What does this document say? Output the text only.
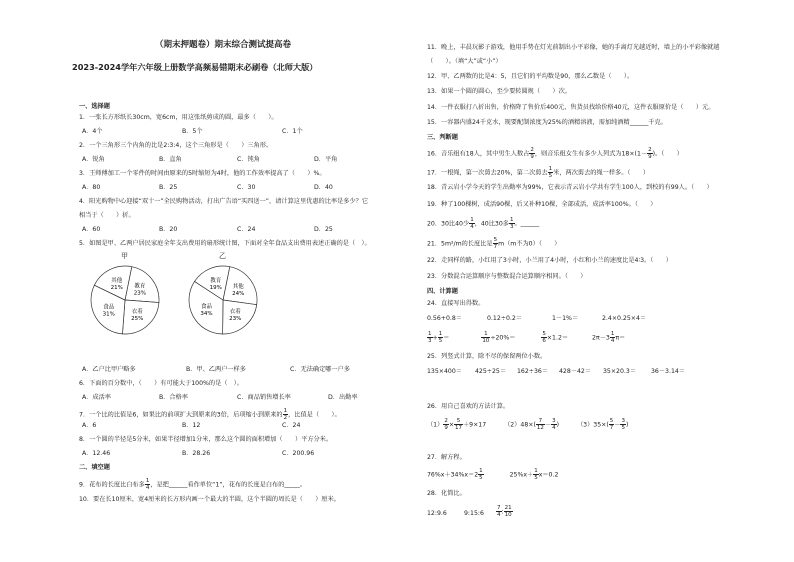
（期末押题卷）期末综合测试提高卷
2023-2024学年六年级上册数学高频易错期末必刷卷（北师大版）
一、选择题
1．一张长方形纸长30cm，宽6cm，用这张纸剪成的圆，最多（　　）。
A．4个	B．5个	C．1个
2．一个三角形三个内角的比是2:3:4，这个三角形是（　　）三角形。
A．锐角	B．直角	C．钝角	D．平角
3．王师傅加工一个零件的时间由原来的5时缩短为4时，他的工作效率提高了（　　）%。
A．80	B．25	C．30	D．40
4．阳光购物中心迎接“双十一”全民购物活动，打出广告语“买四送一”，请计算这里优惠的比率是多少？它
相当于（　　）折。
A．60	B．20	C．24	D．25
5．如图是甲、乙两户居民家庭全年支出费用的扇形统计图，下面对全年食品支出费用表述正确的是（　）。
甲
教育
23%
衣着
25%
食品
31%
其他
21%
乙
其他
24%
衣着
23%
食品
34%
教育
19%
A．乙户比甲户略多	B．甲、乙两户一样多	C．无法确定哪一户多
6．下面的百分数中，（　　）有可能大于100%的是（　）。
A．成活率	B．合格率	C．商品销售增长率	D．出勤率
7．一个比的比值是6，如果比的前项扩大到原来的3倍，后项缩小到原来的 $\frac{1}{2}$ ，比值是（　　）。
A．6	B．12	C．24
8．一个圆的半径是5分米，如果半径增加1分米，那么这个圆的面积增加（　　）平方分米。
A．12.46	B．28.26	C．200.96
二、填空题
9．花布的长度比白布多 $\frac{1}{4}$ ，是把______看作单位“1”，花布的长度是白布的_____。
10．要在长10厘米，宽4厘米的长方形内画一个最大的半圆，这个半圆的周长是（　　）厘米。
11．晚上，丰晨玩影子游戏，他用手势在灯光前制出小平彩像，她的手离灯光越近时，墙上的小平彩像就越
（　　）。（填“大”或“小”）
12．甲、乙两数的比是4：5，且它们的平均数是90，那么乙数是（　　）。
13．如果一个圆的圆心，至少要转圆规（　　）次。
14．一件衣服打八折出售，价格降了售价后400元，售货员找给价格40元，这件衣服原价是（　　）元。
15．一容器内盛24千克水，现要配制浓度为25%的酒精溶液，需加纯酒精______千克。
三、判断题
16．音乐组有18人，其中男生人数占 $\frac{2}{9}$ ，则音乐组女生有多少人列式为$18\times(1- \frac{2}{9}$ )。（　　）
17．一根绳，第一次剪去20%，第二次剪去 $\frac{1}{5}$ 米，两次剪去的绳一样多。（　　）
18．青云岩小学今天的学生出勤率为99%，它表示青云岩小学共有学生100人，到校的有99人。（　　）
19．种了100棵树，成活90棵，后又补种10棵，全部成活，成活率100%。（　　）
20．30比40少 $\frac{1}{4}$ ，40比30多 $\frac{1}{3}$ 。______
21．5m²/m的长度比是 $\frac{5}{7} m(m$不为0）（　　）
22．走同样的路，小红用了3小时，小兰用了4小时，小红和小兰的速度比是4∶3。（　　）
23．分数混合运算顺序与整数混合运算顺序相同。（　　）
四、计算题
24．直接写出得数。
0.56+0.8＝	0.12÷0.2＝	1－1%＝	2.4×0.25×4＝
$\frac{1}{3} + \frac{1}{5}$ ＝	$\frac{1}{10} \div 20\%=$	$\frac{5}{6} \times 1.2=$	$2\pi-3 \frac{1}{4} \pi=$
25．列竖式计算，除不尽的保留两位小数。
135×400＝ 425÷25＝ 162÷36＝ 428－42＝ 35×20.3＝ 36－3.14＝
26．用自己喜欢的方法计算。
$(1) \frac{2}{9} \times \frac{5}{17} +9\times 17$	$(2)48\times( \frac{7}{12} - \frac{3}{4}$ )	$(3)35\times( \frac{5}{7} - \frac{3}{5}$ )
27．解方程。
$76\%x+34\%x=2 \frac{1}{5}$	$25\%x+ \frac{1}{5} x=0.2$
28．化简比。
12:9.6	9:15:6 $\frac{7}{4}$ : $\frac{21}{10}$
